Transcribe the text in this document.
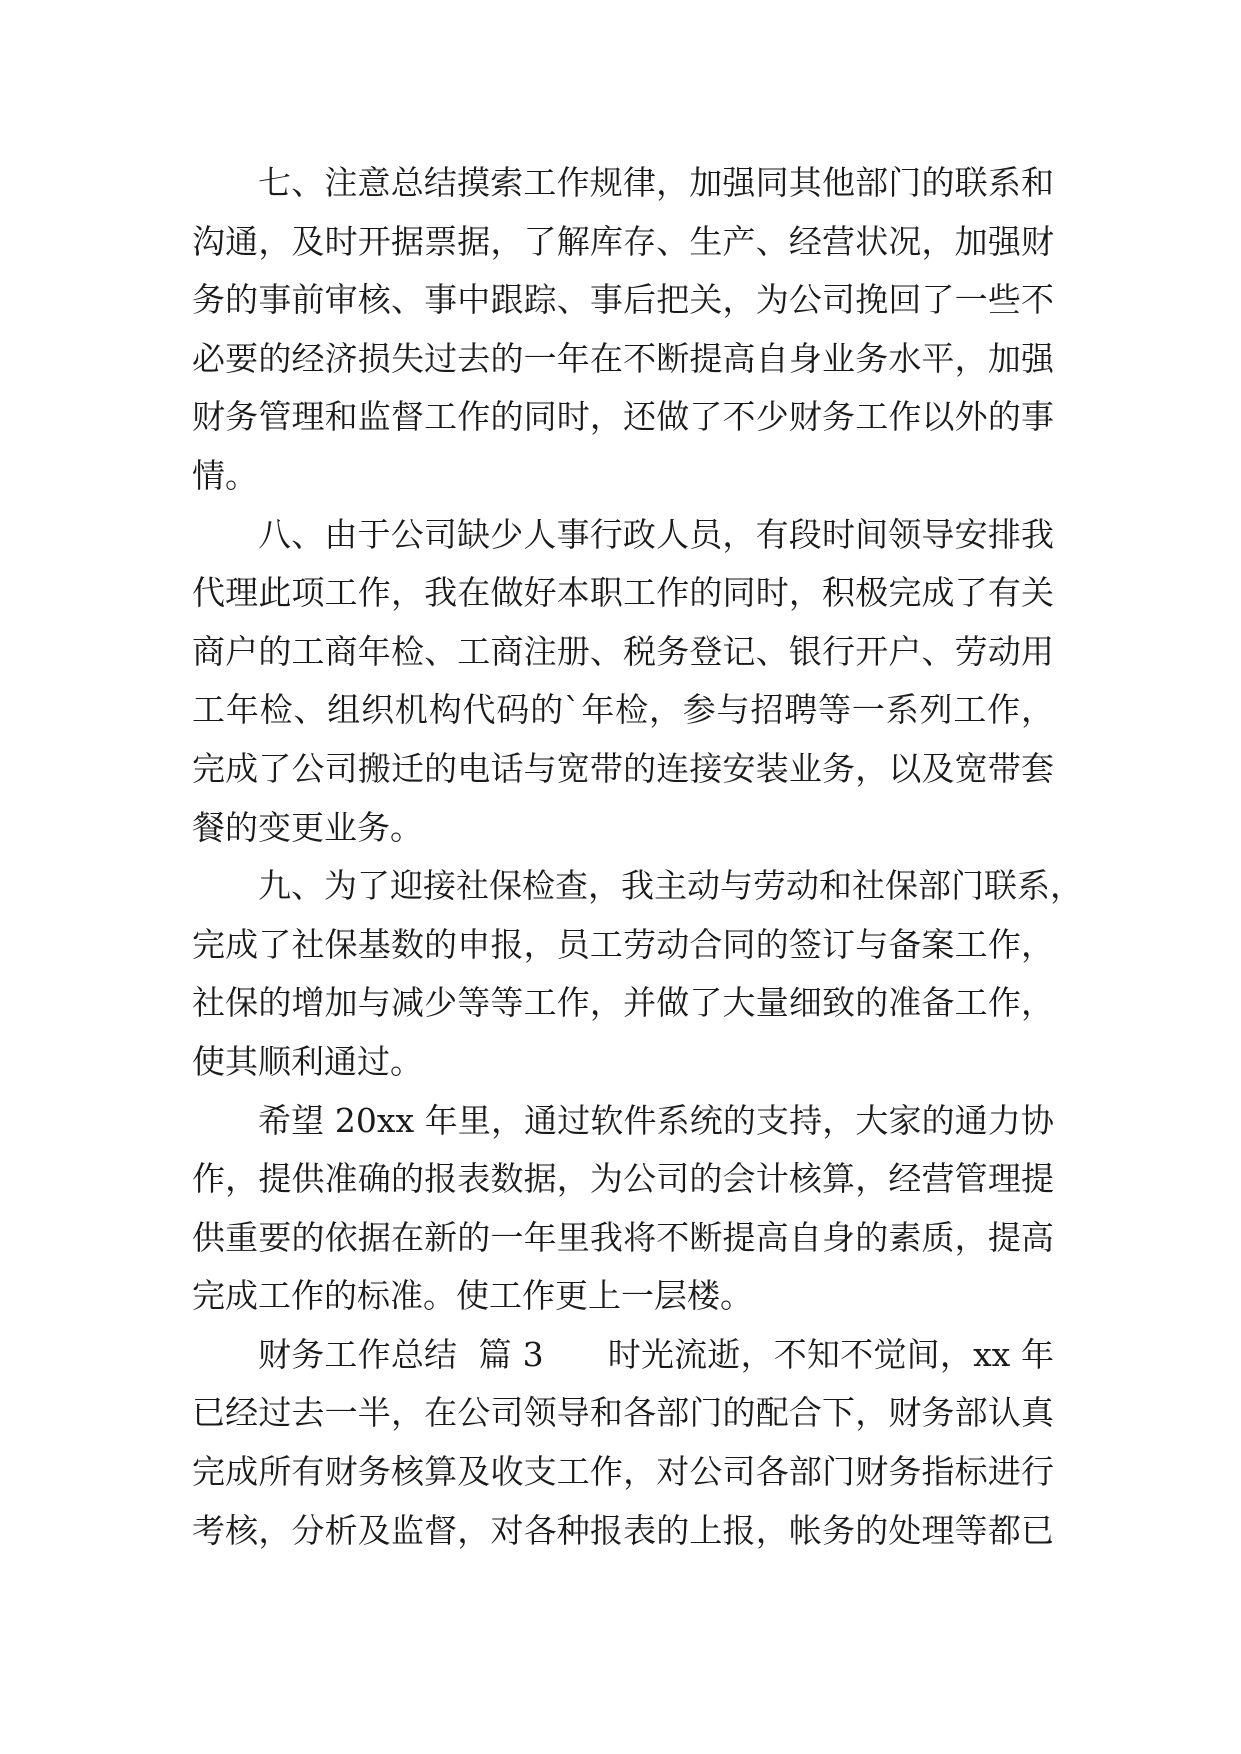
七、注意总结摸索工作规律，加强同其他部门的联系和
沟通，及时开据票据，了解库存、生产、经营状况，加强财
务的事前审核、事中跟踪、事后把关，为公司挽回了一些不
必要的经济损失过去的一年在不断提高自身业务水平，加强
财务管理和监督工作的同时，还做了不少财务工作以外的事
情。
八、由于公司缺少人事行政人员，有段时间领导安排我
代理此项工作，我在做好本职工作的同时，积极完成了有关
商户的工商年检、工商注册、税务登记、银行开户、劳动用
工年检、组织机构代码的`年检，参与招聘等一系列工作，
完成了公司搬迁的电话与宽带的连接安装业务，以及宽带套
餐的变更业务。
九、为了迎接社保检查，我主动与劳动和社保部门联系，
完成了社保基数的申报，员工劳动合同的签订与备案工作，
社保的增加与减少等等工作，并做了大量细致的准备工作，
使其顺利通过。
希望 20xx 年里，通过软件系统的支持，大家的通力协
作，提供准确的报表数据，为公司的会计核算，经营管理提
供重要的依据在新的一年里我将不断提高自身的素质，提高
完成工作的标准。使工作更上一层楼。
财务工作总结  篇 3      时光流逝，不知不觉间，xx 年
已经过去一半，在公司领导和各部门的配合下，财务部认真
完成所有财务核算及收支工作，对公司各部门财务指标进行
考核，分析及监督，对各种报表的上报，帐务的处理等都已
